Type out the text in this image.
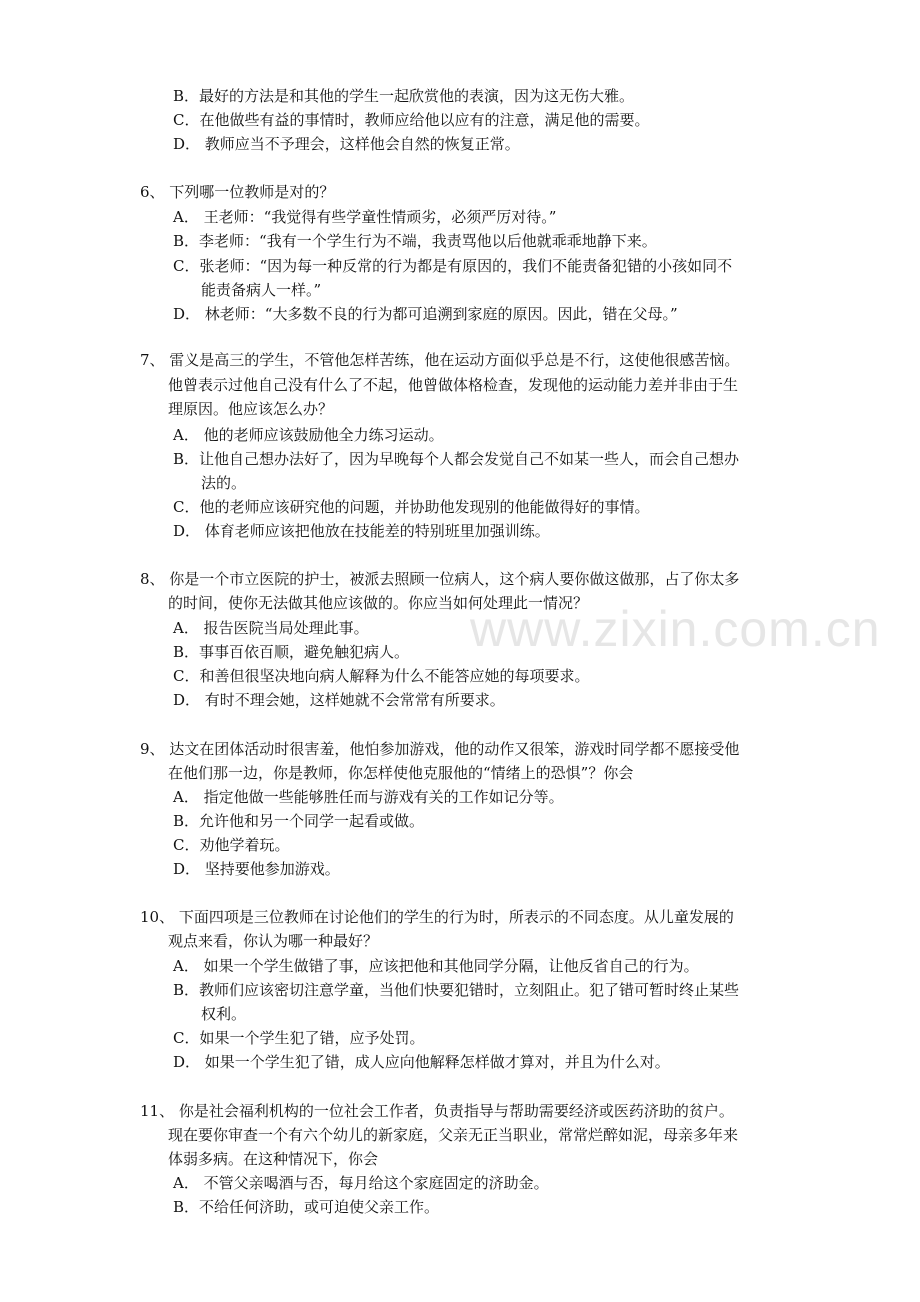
www.zixin.com.cn
B．最好的方法是和其他的学生一起欣赏他的表演，因为这无伤大雅。
C．在他做些有益的事情时，教师应给他以应有的注意，满足他的需要。
D． 教师应当不予理会，这样他会自然的恢复正常。
6、 下列哪一位教师是对的？
A． 王老师：“我觉得有些学童性情顽劣，必须严厉对待。”
B．李老师：“我有一个学生行为不端，我责骂他以后他就乖乖地静下来。
C．张老师：“因为每一种反常的行为都是有原因的，我们不能责备犯错的小孩如同不
能责备病人一样。”
D． 林老师：“大多数不良的行为都可追溯到家庭的原因。因此，错在父母。”
7、 雷义是高三的学生，不管他怎样苦练，他在运动方面似乎总是不行，这使他很感苦恼。
他曾表示过他自己没有什么了不起，他曾做体格检查，发现他的运动能力差并非由于生
理原因。他应该怎么办？
A． 他的老师应该鼓励他全力练习运动。
B．让他自己想办法好了，因为早晚每个人都会发觉自己不如某一些人，而会自己想办
法的。
C．他的老师应该研究他的问题，并协助他发现别的他能做得好的事情。
D． 体育老师应该把他放在技能差的特别班里加强训练。
8、 你是一个市立医院的护士，被派去照顾一位病人，这个病人要你做这做那，占了你太多
的时间，使你无法做其他应该做的。你应当如何处理此一情况？
A． 报告医院当局处理此事。
B．事事百依百顺，避免触犯病人。
C．和善但很坚决地向病人解释为什么不能答应她的每项要求。
D． 有时不理会她，这样她就不会常常有所要求。
9、 达文在团体活动时很害羞，他怕参加游戏，他的动作又很笨，游戏时同学都不愿接受他
在他们那一边，你是教师，你怎样使他克服他的“情绪上的恐惧”？你会
A． 指定他做一些能够胜任而与游戏有关的工作如记分等。
B．允许他和另一个同学一起看或做。
C．劝他学着玩。
D． 坚持要他参加游戏。
10、 下面四项是三位教师在讨论他们的学生的行为时，所表示的不同态度。从儿童发展的
观点来看，你认为哪一种最好？
A． 如果一个学生做错了事，应该把他和其他同学分隔，让他反省自己的行为。
B．教师们应该密切注意学童，当他们快要犯错时，立刻阻止。犯了错可暂时终止某些
权利。
C．如果一个学生犯了错，应予处罚。
D． 如果一个学生犯了错，成人应向他解释怎样做才算对，并且为什么对。
11、 你是社会福利机构的一位社会工作者，负责指导与帮助需要经济或医药济助的贫户。
现在要你审查一个有六个幼儿的新家庭，父亲无正当职业，常常烂醉如泥，母亲多年来
体弱多病。在这种情况下，你会
A． 不管父亲喝酒与否，每月给这个家庭固定的济助金。
B．不给任何济助，或可迫使父亲工作。
